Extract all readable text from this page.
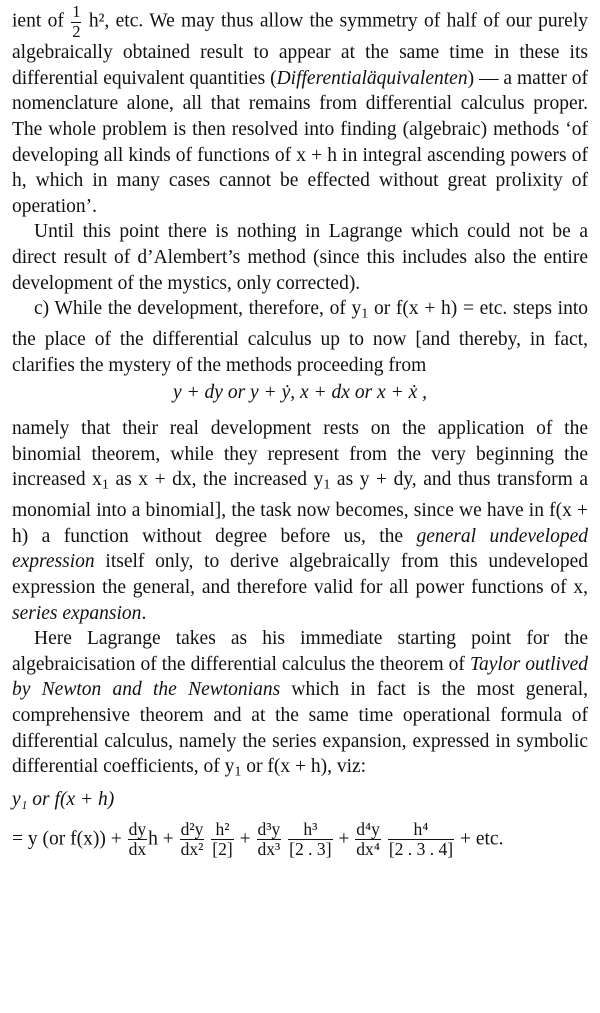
ient of $\frac{1}{2} h^2$, etc. We may thus allow the symmetry of half of our purely algebraically obtained result to appear at the same time in these its differential equivalent quantities (Differentialäquivalenten) — a matter of nomenclature alone, all that remains from differential calculus proper. The whole problem is then resolved into finding (algebraic) methods ‘of developing all kinds of functions of x + h in integral ascending powers of h, which in many cases cannot be effected without great prolixity of operation’.

Until this point there is nothing in Lagrange which could not be a direct result of d’Alembert’s method (since this includes also the entire development of the mystics, only corrected).

c) While the development, therefore, of $y_1$ or f(x + h) = etc. steps into the place of the differential calculus up to now [and thereby, in fact, clarifies the mystery of the methods proceeding from

y + dy or y + ẏ, x + dx or x + ẋ ,

namely that their real development rests on the application of the binomial theorem, while they represent from the very beginning the increased $x_1$ as x + dx, the increased $y_1$ as y + dy, and thus transform a monomial into a binomial], the task now becomes, since we have in f(x + h) a function without degree before us, the general undeveloped expression itself only, to derive algebraically from this undeveloped expression the general, and therefore valid for all power functions of x, series expansion.

Here Lagrange takes as his immediate starting point for the algebraicisation of the differential calculus the theorem of Taylor outlived by Newton and the Newtonians which in fact is the most general, comprehensive theorem and at the same time operational formula of differential calculus, namely the series expansion, expressed in symbolic differential coefficients, of $y_1$ or f(x + h), viz:

y₁ or f(x + h)

= y (or $f(x)) + \frac{dy}{dx}$ $h + \frac{\text{d²y}}{\text{dx²}}$
$\frac{\text{h²}}{[2]} + \frac{\text{d³y}}{\text{dx³}}$
$\frac{\text{h³}}{[2 . 3]} + \frac{\text{d⁴y}}{\text{dx⁴}}$
$\frac{\text{h⁴}}{[2 . 3 . 4]}$ + etc.
